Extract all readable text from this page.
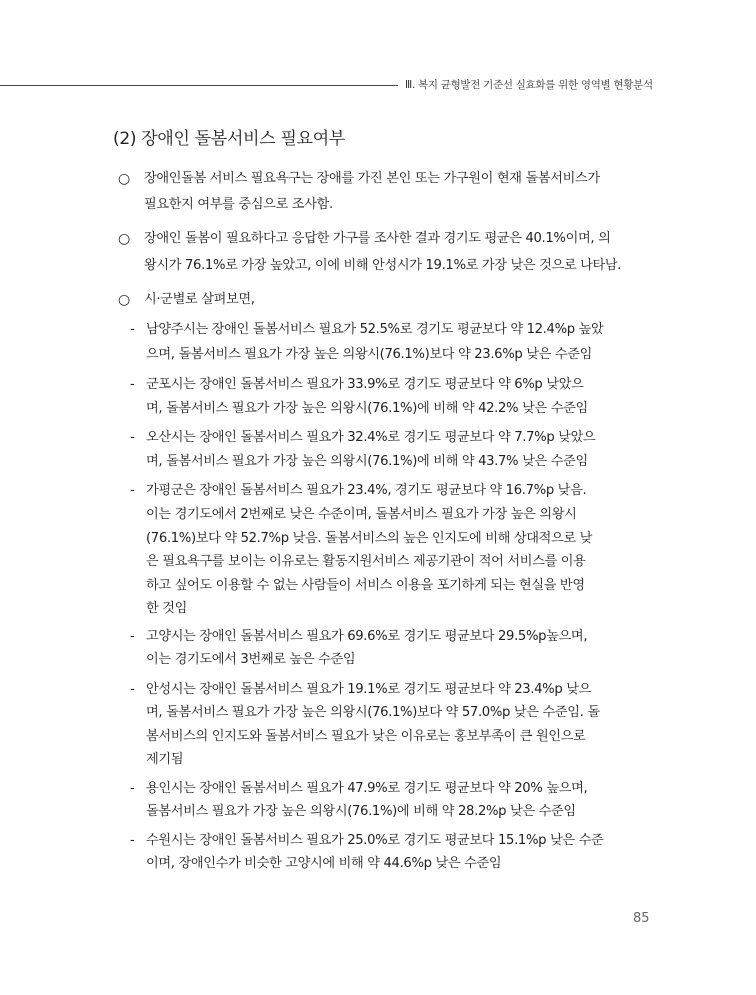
Ⅲ. 복지 균형발전 기준선 실효화를 위한 영역별 현황분석
(2) 장애인 돌봄서비스 필요여부
○ 장애인돌봄 서비스 필요욕구는 장애를 가진 본인 또는 가구원이 현재 돌봄서비스가
필요한지 여부를 중심으로 조사함.
○ 장애인 돌봄이 필요하다고 응답한 가구를 조사한 결과 경기도 평균은 40.1%이며, 의
왕시가 76.1%로 가장 높았고, 이에 비해 안성시가 19.1%로 가장 낮은 것으로 나타남.
○ 시·군별로 살펴보면,
- 남양주시는 장애인 돌봄서비스 필요가 52.5%로 경기도 평균보다 약 12.4%p 높았
으며, 돌봄서비스 필요가 가장 높은 의왕시(76.1%)보다 약 23.6%p 낮은 수준임
- 군포시는 장애인 돌봄서비스 필요가 33.9%로 경기도 평균보다 약 6%p 낮았으
며, 돌봄서비스 필요가 가장 높은 의왕시(76.1%)에 비해 약 42.2% 낮은 수준임
- 오산시는 장애인 돌봄서비스 필요가 32.4%로 경기도 평균보다 약 7.7%p 낮았으
며, 돌봄서비스 필요가 가장 높은 의왕시(76.1%)에 비해 약 43.7% 낮은 수준임
- 가평군은 장애인 돌봄서비스 필요가 23.4%, 경기도 평균보다 약 16.7%p 낮음.
이는 경기도에서 2번째로 낮은 수준이며, 돌봄서비스 필요가 가장 높은 의왕시
(76.1%)보다 약 52.7%p 낮음. 돌봄서비스의 높은 인지도에 비해 상대적으로 낮
은 필요욕구를 보이는 이유로는 활동지원서비스 제공기관이 적어 서비스를 이용
하고 싶어도 이용할 수 없는 사람들이 서비스 이용을 포기하게 되는 현실을 반영
한 것임
- 고양시는 장애인 돌봄서비스 필요가 69.6%로 경기도 평균보다 29.5%p높으며,
이는 경기도에서 3번째로 높은 수준임
- 안성시는 장애인 돌봄서비스 필요가 19.1%로 경기도 평균보다 약 23.4%p 낮으
며, 돌봄서비스 필요가 가장 높은 의왕시(76.1%)보다 약 57.0%p 낮은 수준임. 돌
봄서비스의 인지도와 돌봄서비스 필요가 낮은 이유로는 홍보부족이 큰 원인으로
제기됨
- 용인시는 장애인 돌봄서비스 필요가 47.9%로 경기도 평균보다 약 20% 높으며,
돌봄서비스 필요가 가장 높은 의왕시(76.1%)에 비해 약 28.2%p 낮은 수준임
- 수원시는 장애인 돌봄서비스 필요가 25.0%로 경기도 평균보다 15.1%p 낮은 수준
이며, 장애인수가 비슷한 고양시에 비해 약 44.6%p 낮은 수준임
85
